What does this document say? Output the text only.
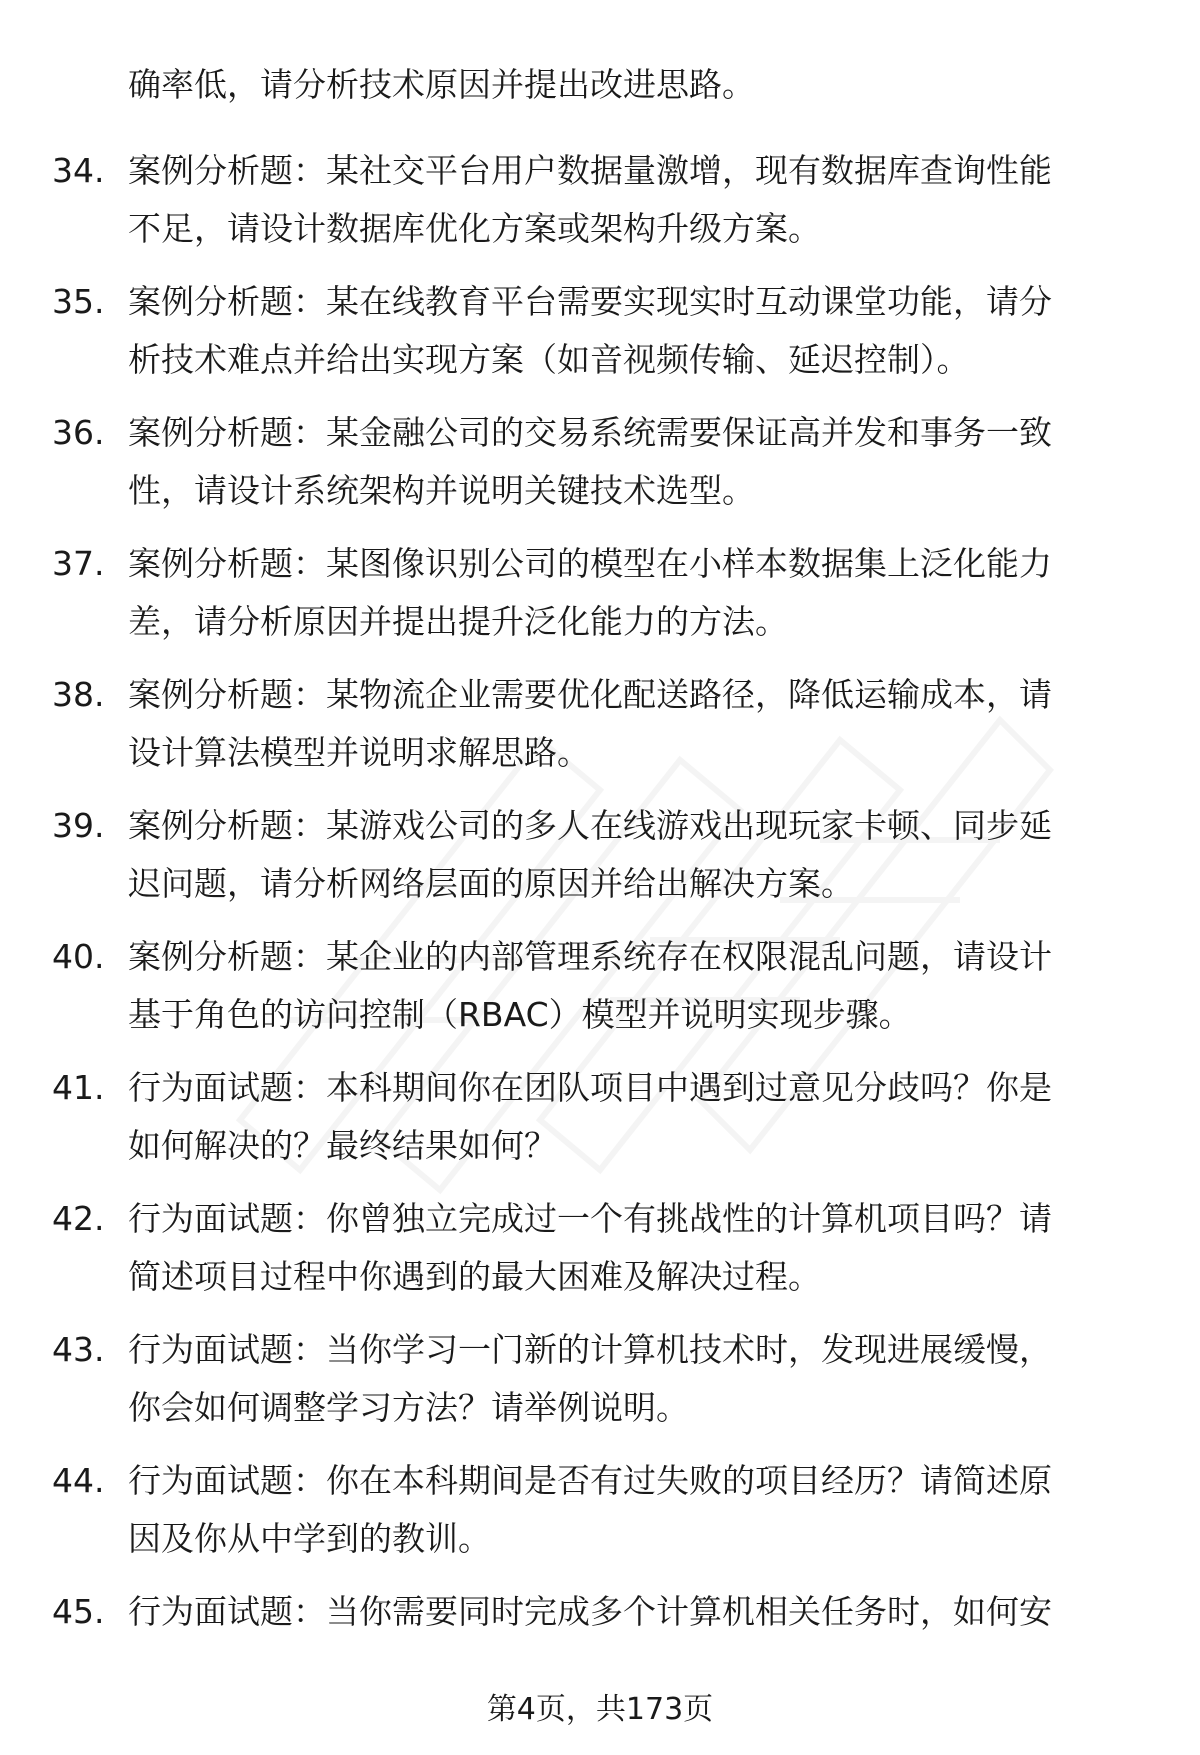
确率低，请分析技术原因并提出改进思路。
34. 案例分析题：某社交平台用户数据量激增，现有数据库查询性能
不足，请设计数据库优化方案或架构升级方案。
35. 案例分析题：某在线教育平台需要实现实时互动课堂功能，请分
析技术难点并给出实现方案（如音视频传输、延迟控制）。
36. 案例分析题：某金融公司的交易系统需要保证高并发和事务一致
性，请设计系统架构并说明关键技术选型。
37. 案例分析题：某图像识别公司的模型在小样本数据集上泛化能力
差，请分析原因并提出提升泛化能力的方法。
38. 案例分析题：某物流企业需要优化配送路径，降低运输成本，请
设计算法模型并说明求解思路。
39. 案例分析题：某游戏公司的多人在线游戏出现玩家卡顿、同步延
迟问题，请分析网络层面的原因并给出解决方案。
40. 案例分析题：某企业的内部管理系统存在权限混乱问题，请设计
基于角色的访问控制（RBAC）模型并说明实现步骤。
41. 行为面试题：本科期间你在团队项目中遇到过意见分歧吗？你是
如何解决的？最终结果如何？
42. 行为面试题：你曾独立完成过一个有挑战性的计算机项目吗？请
简述项目过程中你遇到的最大困难及解决过程。
43. 行为面试题：当你学习一门新的计算机技术时，发现进展缓慢，
你会如何调整学习方法？请举例说明。
44. 行为面试题：你在本科期间是否有过失败的项目经历？请简述原
因及你从中学到的教训。
45. 行为面试题：当你需要同时完成多个计算机相关任务时，如何安
第4页，共173页
